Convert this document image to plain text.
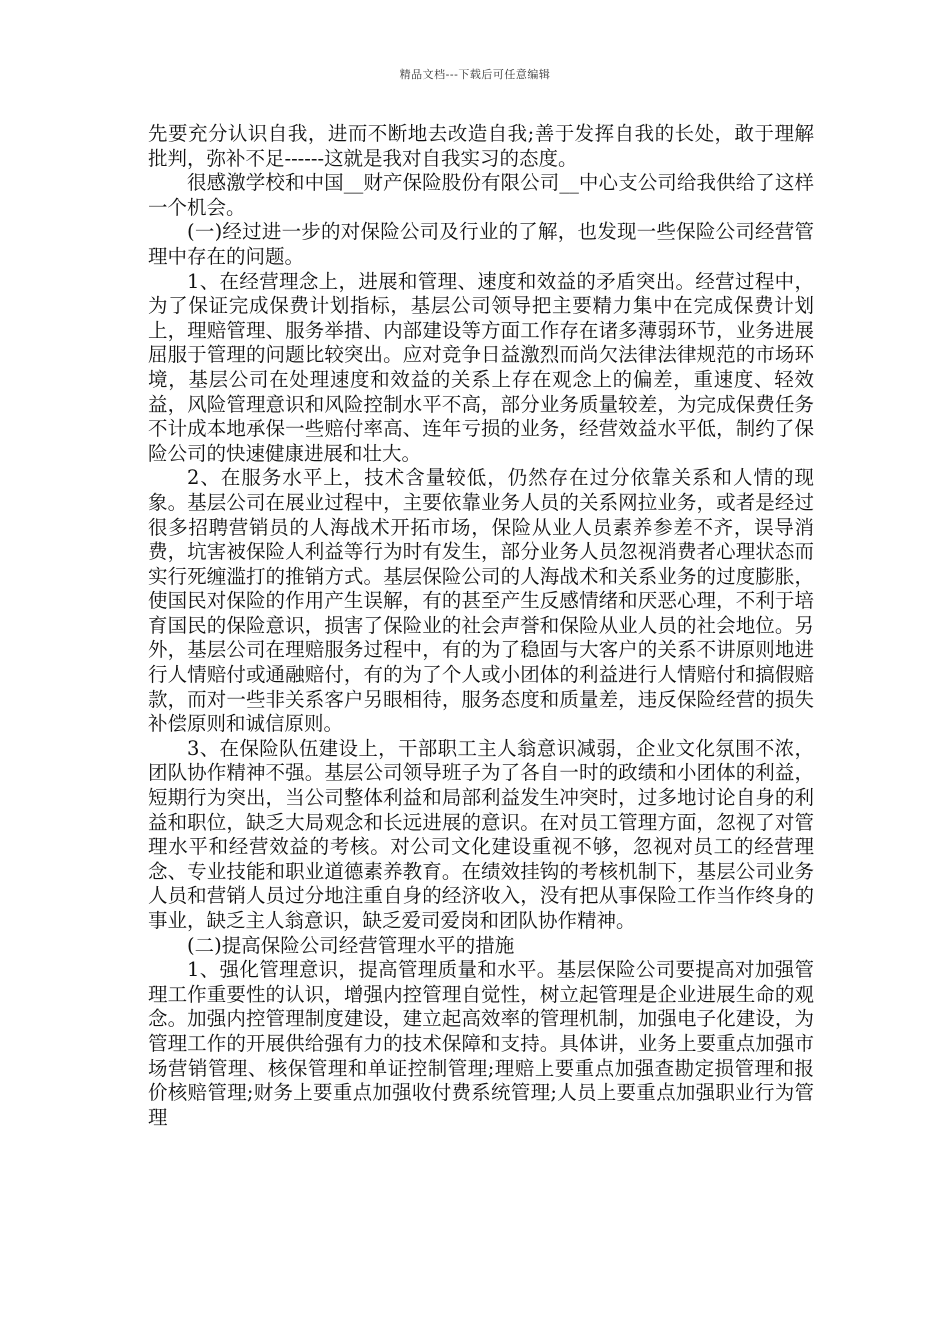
精品文档---下载后可任意编辑

先要充分认识自我，进而不断地去改造自我;善于发挥自我的长处，敢于理解批判，弥补不足------这就是我对自我实习的态度。

很感激学校和中国__财产保险股份有限公司__中心支公司给我供给了这样一个机会。

(一)经过进一步的对保险公司及行业的了解，也发现一些保险公司经营管理中存在的问题。

1、在经营理念上，进展和管理、速度和效益的矛盾突出。经营过程中，为了保证完成保费计划指标，基层公司领导把主要精力集中在完成保费计划上，理赔管理、服务举措、内部建设等方面工作存在诸多薄弱环节，业务进展屈服于管理的问题比较突出。应对竞争日益激烈而尚欠法律法律规范的市场环境，基层公司在处理速度和效益的关系上存在观念上的偏差，重速度、轻效益，风险管理意识和风险控制水平不高，部分业务质量较差，为完成保费任务不计成本地承保一些赔付率高、连年亏损的业务，经营效益水平低，制约了保险公司的快速健康进展和壮大。

2、在服务水平上，技术含量较低，仍然存在过分依靠关系和人情的现象。基层公司在展业过程中，主要依靠业务人员的关系网拉业务，或者是经过很多招聘营销员的人海战术开拓市场，保险从业人员素养参差不齐，误导消费，坑害被保险人利益等行为时有发生，部分业务人员忽视消费者心理状态而实行死缠滥打的推销方式。基层保险公司的人海战术和关系业务的过度膨胀，使国民对保险的作用产生误解，有的甚至产生反感情绪和厌恶心理，不利于培育国民的保险意识，损害了保险业的社会声誉和保险从业人员的社会地位。另外，基层公司在理赔服务过程中，有的为了稳固与大客户的关系不讲原则地进行人情赔付或通融赔付，有的为了个人或小团体的利益进行人情赔付和搞假赔款，而对一些非关系客户另眼相待，服务态度和质量差，违反保险经营的损失补偿原则和诚信原则。

3、在保险队伍建设上，干部职工主人翁意识减弱，企业文化氛围不浓，团队协作精神不强。基层公司领导班子为了各自一时的政绩和小团体的利益，短期行为突出，当公司整体利益和局部利益发生冲突时，过多地讨论自身的利益和职位，缺乏大局观念和长远进展的意识。在对员工管理方面，忽视了对管理水平和经营效益的考核。对公司文化建设重视不够，忽视对员工的经营理念、专业技能和职业道德素养教育。在绩效挂钩的考核机制下，基层公司业务人员和营销人员过分地注重自身的经济收入，没有把从事保险工作当作终身的事业，缺乏主人翁意识，缺乏爱司爱岗和团队协作精神。

(二)提高保险公司经营管理水平的措施

1、强化管理意识，提高管理质量和水平。基层保险公司要提高对加强管理工作重要性的认识，增强内控管理自觉性，树立起管理是企业进展生命的观念。加强内控管理制度建设，建立起高效率的管理机制，加强电子化建设，为管理工作的开展供给强有力的技术保障和支持。具体讲，业务上要重点加强市场营销管理、核保管理和单证控制管理;理赔上要重点加强查勘定损管理和报价核赔管理;财务上要重点加强收付费系统管理;人员上要重点加强职业行为管理
